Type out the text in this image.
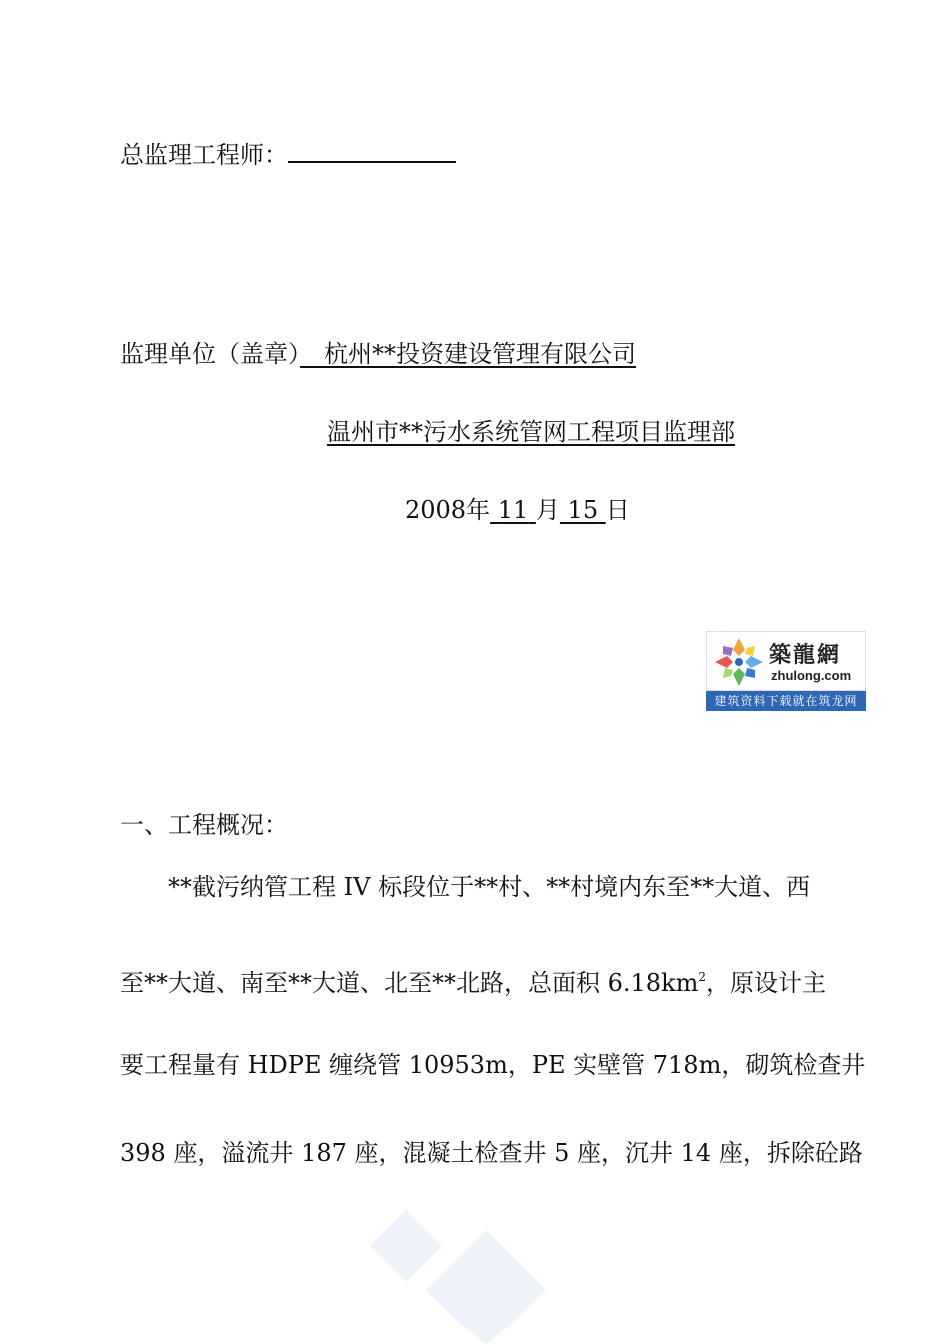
总监理工程师：
监理单位（盖章）　杭州**投资建设管理有限公司
温州市**污水系统管网工程项目监理部
2008年 11 月 15 日
築龍網
zhulong.com
建筑资料下载就在筑龙网
一、工程概况：
**截污纳管工程 IV 标段位于**村、**村境内东至**大道、西
至**大道、南至**大道、北至**北路，总面积 $6.18km^2$，原设计主
要工程量有 HDPE 缠绕管 10953m，PE 实壁管 718m，砌筑检查井
398 座，溢流井 187 座，混凝土检查井 5 座，沉井 14 座，拆除砼路
